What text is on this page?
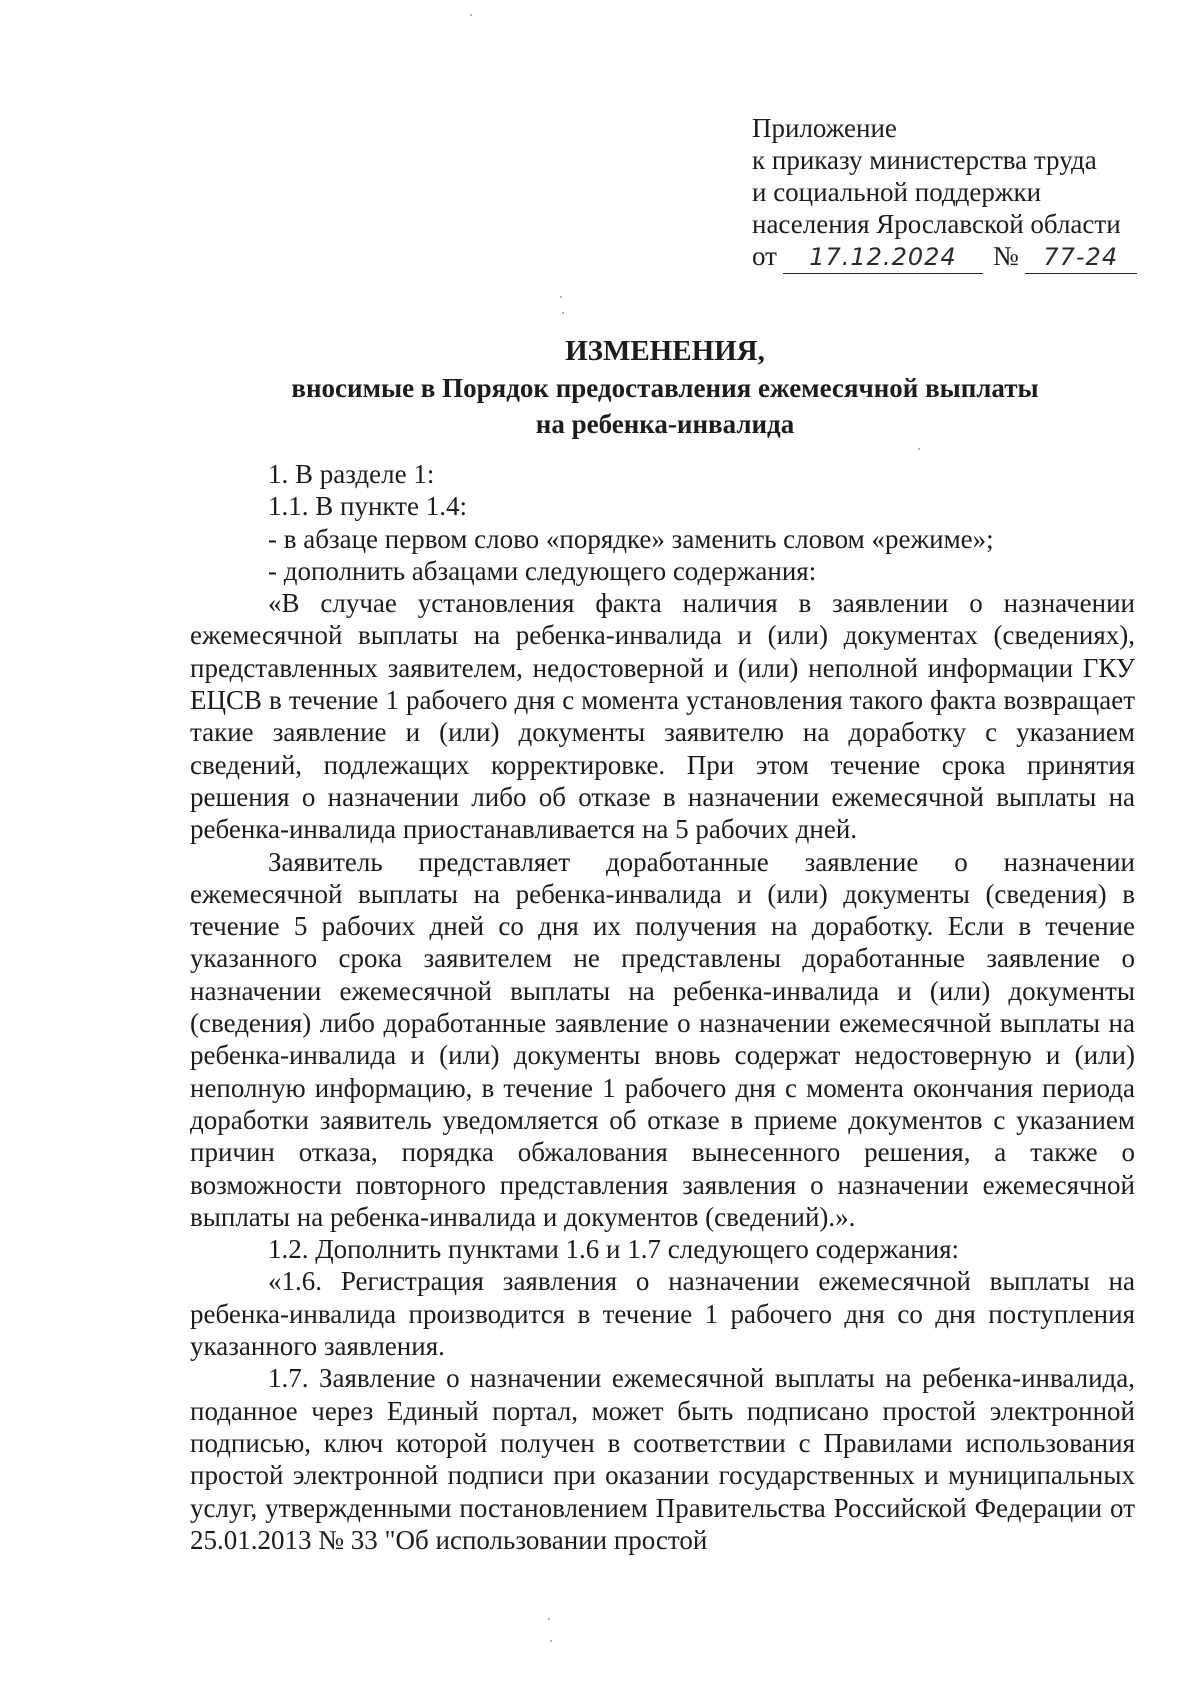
Приложение
к приказу министерства труда
и социальной поддержки
населения Ярославской области
от 17.12.2024 № 77-24
ИЗМЕНЕНИЯ,
вносимые в Порядок предоставления ежемесячной выплаты
на ребенка-инвалида

1. В разделе 1:

1.1. В пункте 1.4:

- в абзаце первом слово «порядке» заменить словом «режиме»;

- дополнить абзацами следующего содержания:

«В случае установления факта наличия в заявлении о назначении ежемесячной выплаты на ребенка-инвалида и (или) документах (сведениях), представленных заявителем, недостоверной и (или) неполной информации ГКУ ЕЦСВ в течение 1 рабочего дня с момента установления такого факта возвращает такие заявление и (или) документы заявителю на доработку с указанием сведений, подлежащих корректировке. При этом течение срока принятия решения о назначении либо об отказе в назначении ежемесячной выплаты на ребенка-инвалида приостанавливается на 5 рабочих дней.

Заявитель представляет доработанные заявление о назначении ежемесячной выплаты на ребенка-инвалида и (или) документы (сведения) в течение 5 рабочих дней со дня их получения на доработку. Если в течение указанного срока заявителем не представлены доработанные заявление о назначении ежемесячной выплаты на ребенка-инвалида и (или) документы (сведения) либо доработанные заявление о назначении ежемесячной выплаты на ребенка-инвалида и (или) документы вновь содержат недостоверную и (или) неполную информацию, в течение 1 рабочего дня с момента окончания периода доработки заявитель уведомляется об отказе в приеме документов с указанием причин отказа, порядка обжалования вынесенного решения, а также о возможности повторного представления заявления о назначении ежемесячной выплаты на ребенка-инвалида и документов (сведений).».

1.2. Дополнить пунктами 1.6 и 1.7 следующего содержания:

«1.6. Регистрация заявления о назначении ежемесячной выплаты на ребенка-инвалида производится в течение 1 рабочего дня со дня поступления указанного заявления.

1.7. Заявление о назначении ежемесячной выплаты на ребенка-инвалида, поданное через Единый портал, может быть подписано простой электронной подписью, ключ которой получен в соответствии с Правилами использования простой электронной подписи при оказании государственных и муниципальных услуг, утвержденными постановлением Правительства Российской Федерации от 25.01.2013 № 33 "Об использовании простой
